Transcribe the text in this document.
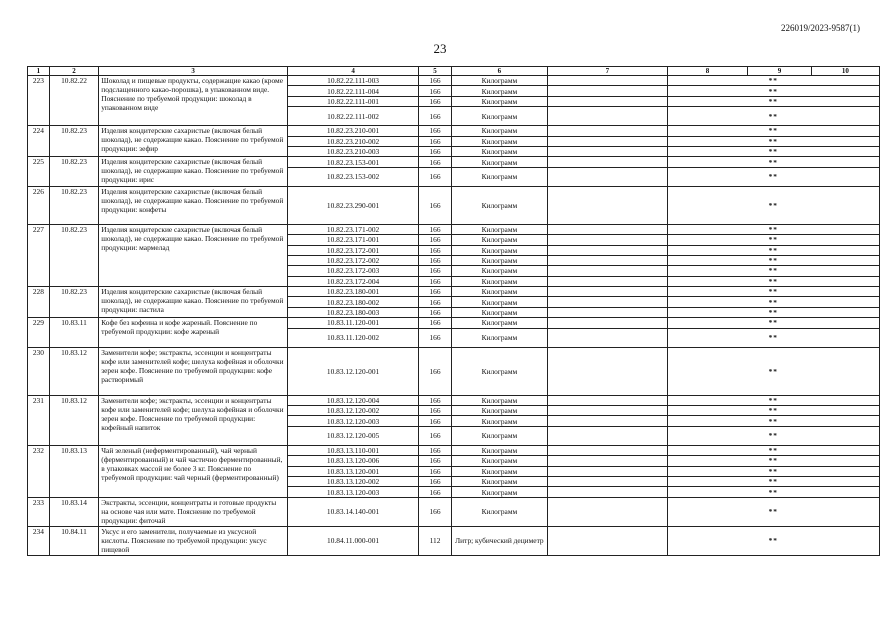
226019/2023-9587(1)
23
1	2	3	4	5	6	7	8	9	10
223	10.82.22	Шоколад и пищевые продукты, содержащие какао (кроме подслащенного какао-порошка), в упакованном виде. Пояснение по требуемой продукции: шоколад в упакованном виде	10.82.22.111-003	166	Килограмм		**		
			10.82.22.111-004	166	Килограмм		**		
			10.82.22.111-001	166	Килограмм		**		
			10.82.22.111-002	166	Килограмм		**		
224	10.82.23	Изделия кондитерские сахаристые (включая белый шоколад), не содержащие какао. Пояснение по требуемой продукции: зефир	10.82.23.210-001	166	Килограмм		**		
			10.82.23.210-002	166	Килограмм		**		
			10.82.23.210-003	166	Килограмм		**		
225	10.82.23	Изделия кондитерские сахаристые (включая белый шоколад), не содержащие какао. Пояснение по требуемой продукции: ирис	10.82.23.153-001	166	Килограмм		**		
			10.82.23.153-002	166	Килограмм		**		
226	10.82.23	Изделия кондитерские сахаристые (включая белый шоколад), не содержащие какао. Пояснение по требуемой продукции: конфеты	10.82.23.290-001	166	Килограмм		**		
227	10.82.23	Изделия кондитерские сахаристые (включая белый шоколад), не содержащие какао. Пояснение по требуемой продукции: мармелад	10.82.23.171-002	166	Килограмм		**		
			10.82.23.171-001	166	Килограмм		**		
			10.82.23.172-001	166	Килограмм		**		
			10.82.23.172-002	166	Килограмм		**		
			10.82.23.172-003	166	Килограмм		**		
			10.82.23.172-004	166	Килограмм		**		
228	10.82.23	Изделия кондитерские сахаристые (включая белый шоколад), не содержащие какао. Пояснение по требуемой продукции: пастила	10.82.23.180-001	166	Килограмм		**		
			10.82.23.180-002	166	Килограмм		**		
			10.82.23.180-003	166	Килограмм		**		
229	10.83.11	Кофе без кофеина и кофе жареный. Пояснение по требуемой продукции: кофе жареный	10.83.11.120-001	166	Килограмм		**		
			10.83.11.120-002	166	Килограмм		**		
230	10.83.12	Заменители кофе; экстракты, эссенции и концентраты кофе или заменителей кофе; шелуха кофейная и оболочки зерен кофе. Пояснение по требуемой продукции: кофе растворимый	10.83.12.120-001	166	Килограмм		**		
231	10.83.12	Заменители кофе; экстракты, эссенции и концентраты кофе или заменителей кофе; шелуха кофейная и оболочки зерен кофе. Пояснение по требуемой продукции: кофейный напиток	10.83.12.120-004	166	Килограмм		**		
			10.83.12.120-002	166	Килограмм		**		
			10.83.12.120-003	166	Килограмм		**		
			10.83.12.120-005	166	Килограмм		**		
232	10.83.13	Чай зеленый (неферментированный), чай черный (ферментированный) и чай частично ферментированный, в упаковках массой не более 3 кг. Пояснение по требуемой продукции: чай черный (ферментированный)	10.83.13.110-001	166	Килограмм		**		
			10.83.13.120-006	166	Килограмм		**		
			10.83.13.120-001	166	Килограмм		**		
			10.83.13.120-002	166	Килограмм		**		
			10.83.13.120-003	166	Килограмм		**		
233	10.83.14	Экстракты, эссенции, концентраты и готовые продукты на основе чая или мате. Пояснение по требуемой продукции: фиточай	10.83.14.140-001	166	Килограмм		**		
234	10.84.11	Уксус и его заменители, получаемые из уксусной кислоты. Пояснение по требуемой продукции: уксус пищевой	10.84.11.000-001	112	Литр; кубический дециметр		**		
